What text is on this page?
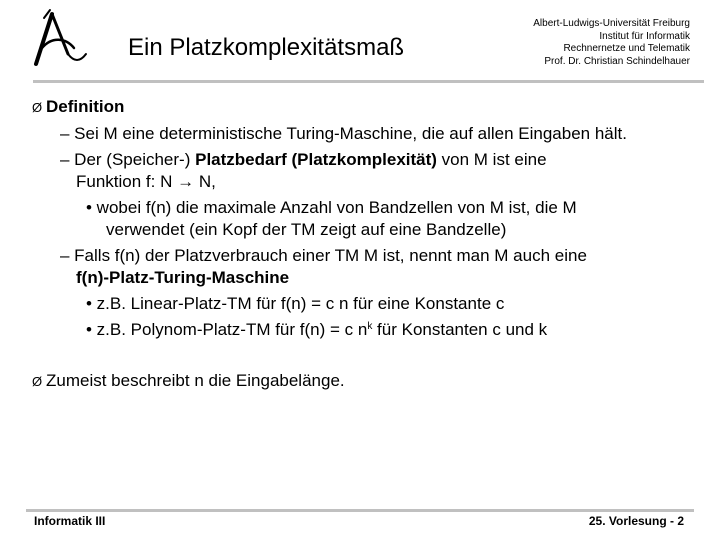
Ein Platzkomplexitätsmaß
Albert-Ludwigs-Universität Freiburg
Institut für Informatik
Rechnernetze und Telematik
Prof. Dr. Christian Schindelhauer
Ø Definition
– Sei M eine deterministische Turing-Maschine, die auf allen Eingaben hält.
– Der (Speicher-) Platzbedarf (Platzkomplexität) von M ist eine
Funktion f: N → N,
• wobei f(n) die maximale Anzahl von Bandzellen von M ist, die M
verwendet (ein Kopf der TM zeigt auf eine Bandzelle)
– Falls f(n) der Platzverbrauch einer TM M ist, nennt man M auch eine
f(n)-Platz-Turing-Maschine
• z.B. Linear-Platz-TM für f(n) = c n für eine Konstante c
• z.B. Polynom-Platz-TM für f(n) = c $n^k$ für Konstanten c und k
Ø Zumeist beschreibt n die Eingabelänge.
Informatik III	25. Vorlesung - 2
